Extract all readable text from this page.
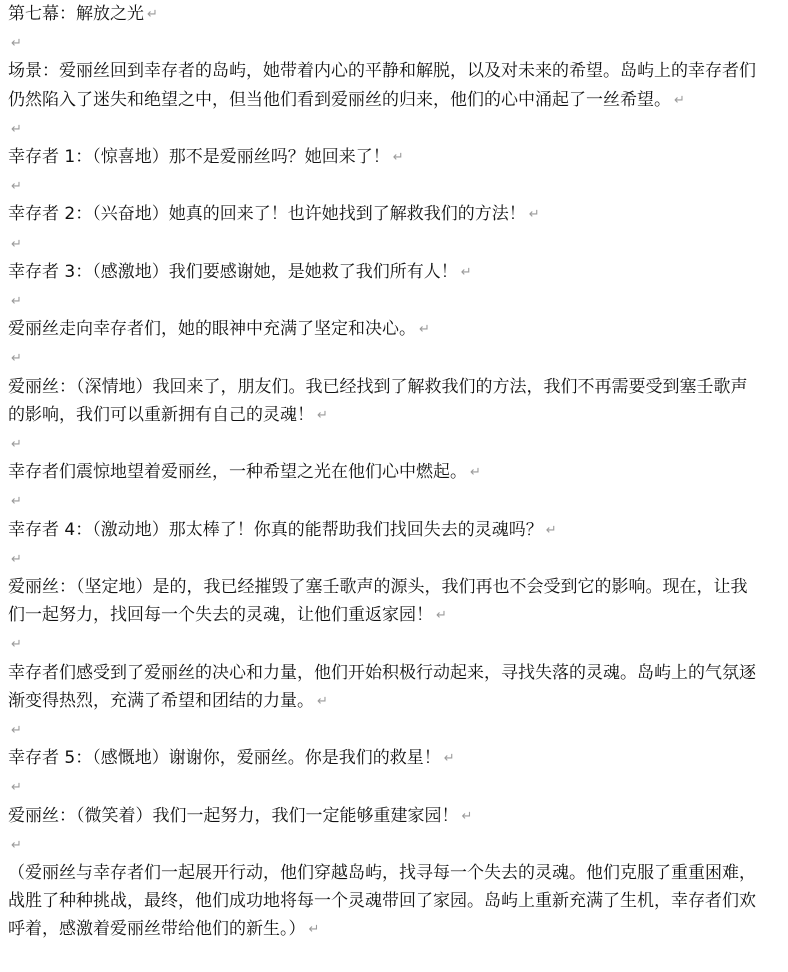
第七幕：解放之光 ↵

↵

场景：爱丽丝回到幸存者的岛屿，她带着内心的平静和解脱，以及对未来的希望。岛屿上的幸存者们仍然陷入了迷失和绝望之中，但当他们看到爱丽丝的归来，他们的心中涌起了一丝希望。 ↵

↵

幸存者 1：（惊喜地）那不是爱丽丝吗？她回来了！ ↵

↵

幸存者 2：（兴奋地）她真的回来了！也许她找到了解救我们的方法！ ↵

↵

幸存者 3：（感激地）我们要感谢她，是她救了我们所有人！ ↵

↵

爱丽丝走向幸存者们，她的眼神中充满了坚定和决心。 ↵

↵

爱丽丝：（深情地）我回来了，朋友们。我已经找到了解救我们的方法，我们不再需要受到塞壬歌声的影响，我们可以重新拥有自己的灵魂！ ↵

↵

幸存者们震惊地望着爱丽丝，一种希望之光在他们心中燃起。 ↵

↵

幸存者 4：（激动地）那太棒了！你真的能帮助我们找回失去的灵魂吗？ ↵

↵

爱丽丝：（坚定地）是的，我已经摧毁了塞壬歌声的源头，我们再也不会受到它的影响。现在，让我们一起努力，找回每一个失去的灵魂，让他们重返家园！ ↵

↵

幸存者们感受到了爱丽丝的决心和力量，他们开始积极行动起来，寻找失落的灵魂。岛屿上的气氛逐渐变得热烈，充满了希望和团结的力量。 ↵

↵

幸存者 5：（感慨地）谢谢你，爱丽丝。你是我们的救星！ ↵

↵

爱丽丝：（微笑着）我们一起努力，我们一定能够重建家园！ ↵

↵

（爱丽丝与幸存者们一起展开行动，他们穿越岛屿，找寻每一个失去的灵魂。他们克服了重重困难，战胜了种种挑战，最终，他们成功地将每一个灵魂带回了家园。岛屿上重新充满了生机，幸存者们欢呼着，感激着爱丽丝带给他们的新生。） ↵
